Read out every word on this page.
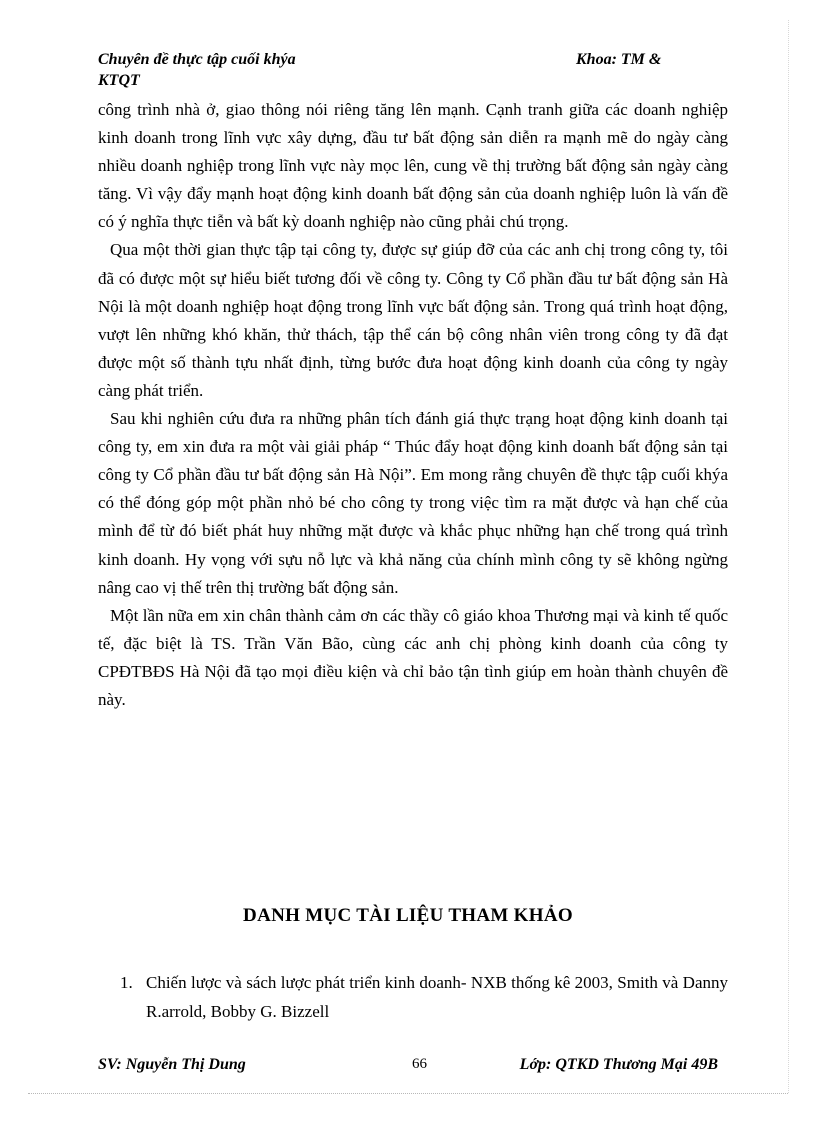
Chuyên đề thực tập cuối khýa	Khoa: TM &
KTQT

công trình nhà ở, giao thông nói riêng tăng lên mạnh. Cạnh tranh giữa các doanh nghiệp kinh doanh trong lĩnh vực xây dựng, đầu tư bất động sản diễn ra mạnh mẽ do ngày càng nhiều doanh nghiệp trong lĩnh vực này mọc lên, cung về thị trường bất động sản ngày càng tăng. Vì vậy đẩy mạnh hoạt động kinh doanh bất động sản của doanh nghiệp luôn là vấn đề có ý nghĩa thực tiễn và bất kỳ doanh nghiệp nào cũng phải chú trọng.

Qua một thời gian thực tập tại công ty, được sự giúp đỡ của các anh chị trong công ty, tôi đã có được một sự hiểu biết tương đối về công ty. Công ty Cổ phần đầu tư bất động sản Hà Nội là một doanh nghiệp hoạt động trong lĩnh vực bất động sản. Trong quá trình hoạt động, vượt lên những khó khăn, thử thách, tập thể cán bộ công nhân viên trong công ty đã đạt được một số thành tựu nhất định, từng bước đưa hoạt động kinh doanh của công ty ngày càng phát triển.

Sau khi nghiên cứu đưa ra những phân tích đánh giá thực trạng hoạt động kinh doanh tại công ty, em xin đưa ra một vài giải pháp “ Thúc đẩy hoạt động kinh doanh bất động sản tại công ty Cổ phần đầu tư bất động sản Hà Nội”. Em mong rằng chuyên đề thực tập cuối khýa có thể đóng góp một phần nhỏ bé cho công ty trong việc tìm ra mặt được và hạn chế của mình để từ đó biết phát huy những mặt được và khắc phục những hạn chế trong quá trình kinh doanh. Hy vọng với sựu nỗ lực và khả năng của chính mình công ty sẽ không ngừng nâng cao vị thế trên thị trường bất động sản.

Một lần nữa em xin chân thành cảm ơn các thầy cô giáo khoa Thương mại và kinh tế quốc tế, đặc biệt là TS. Trần Văn Bão, cùng các anh chị phòng kinh doanh của công ty CPĐTBĐS Hà Nội đã tạo mọi điều kiện và chỉ bảo tận tình giúp em hoàn thành chuyên đề này.

DANH MỤC TÀI LIỆU THAM KHẢO
1. Chiến lược và sách lược phát triển kinh doanh- NXB thống kê 2003, Smith và Danny R.arrold, Bobby G. Bizzell
SV: Nguyễn Thị Dung	66	Lớp: QTKD Thương Mại 49B
